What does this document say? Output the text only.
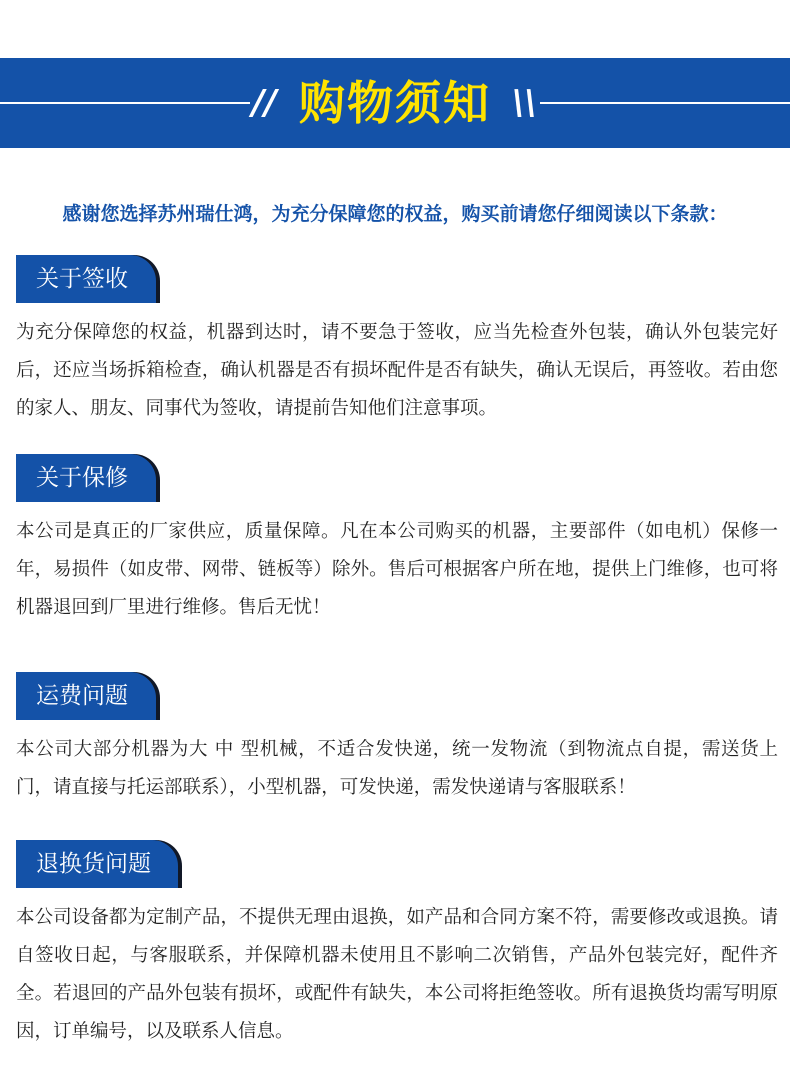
// 购物须知 \\
感谢您选择苏州瑞仕鸿，为充分保障您的权益，购买前请您仔细阅读以下条款：
关于签收
为充分保障您的权益，机器到达时，请不要急于签收，应当先检查外包装，确认外包装完好后，还应当场拆箱检查，确认机器是否有损坏配件是否有缺失，确认无误后，再签收。若由您的家人、朋友、同事代为签收，请提前告知他们注意事项。
关于保修
本公司是真正的厂家供应，质量保障。凡在本公司购买的机器，主要部件（如电机）保修一年，易损件（如皮带、网带、链板等）除外。售后可根据客户所在地，提供上门维修，也可将机器退回到厂里进行维修。售后无忧！
运费问题
本公司大部分机器为大 中 型机械，不适合发快递，统一发物流（到物流点自提，需送货上门，请直接与托运部联系），小型机器，可发快递，需发快递请与客服联系！
退换货问题
本公司设备都为定制产品，不提供无理由退换，如产品和合同方案不符，需要修改或退换。请自签收日起，与客服联系，并保障机器未使用且不影响二次销售，产品外包装完好，配件齐全。若退回的产品外包装有损坏，或配件有缺失，本公司将拒绝签收。所有退换货均需写明原因，订单编号，以及联系人信息。
